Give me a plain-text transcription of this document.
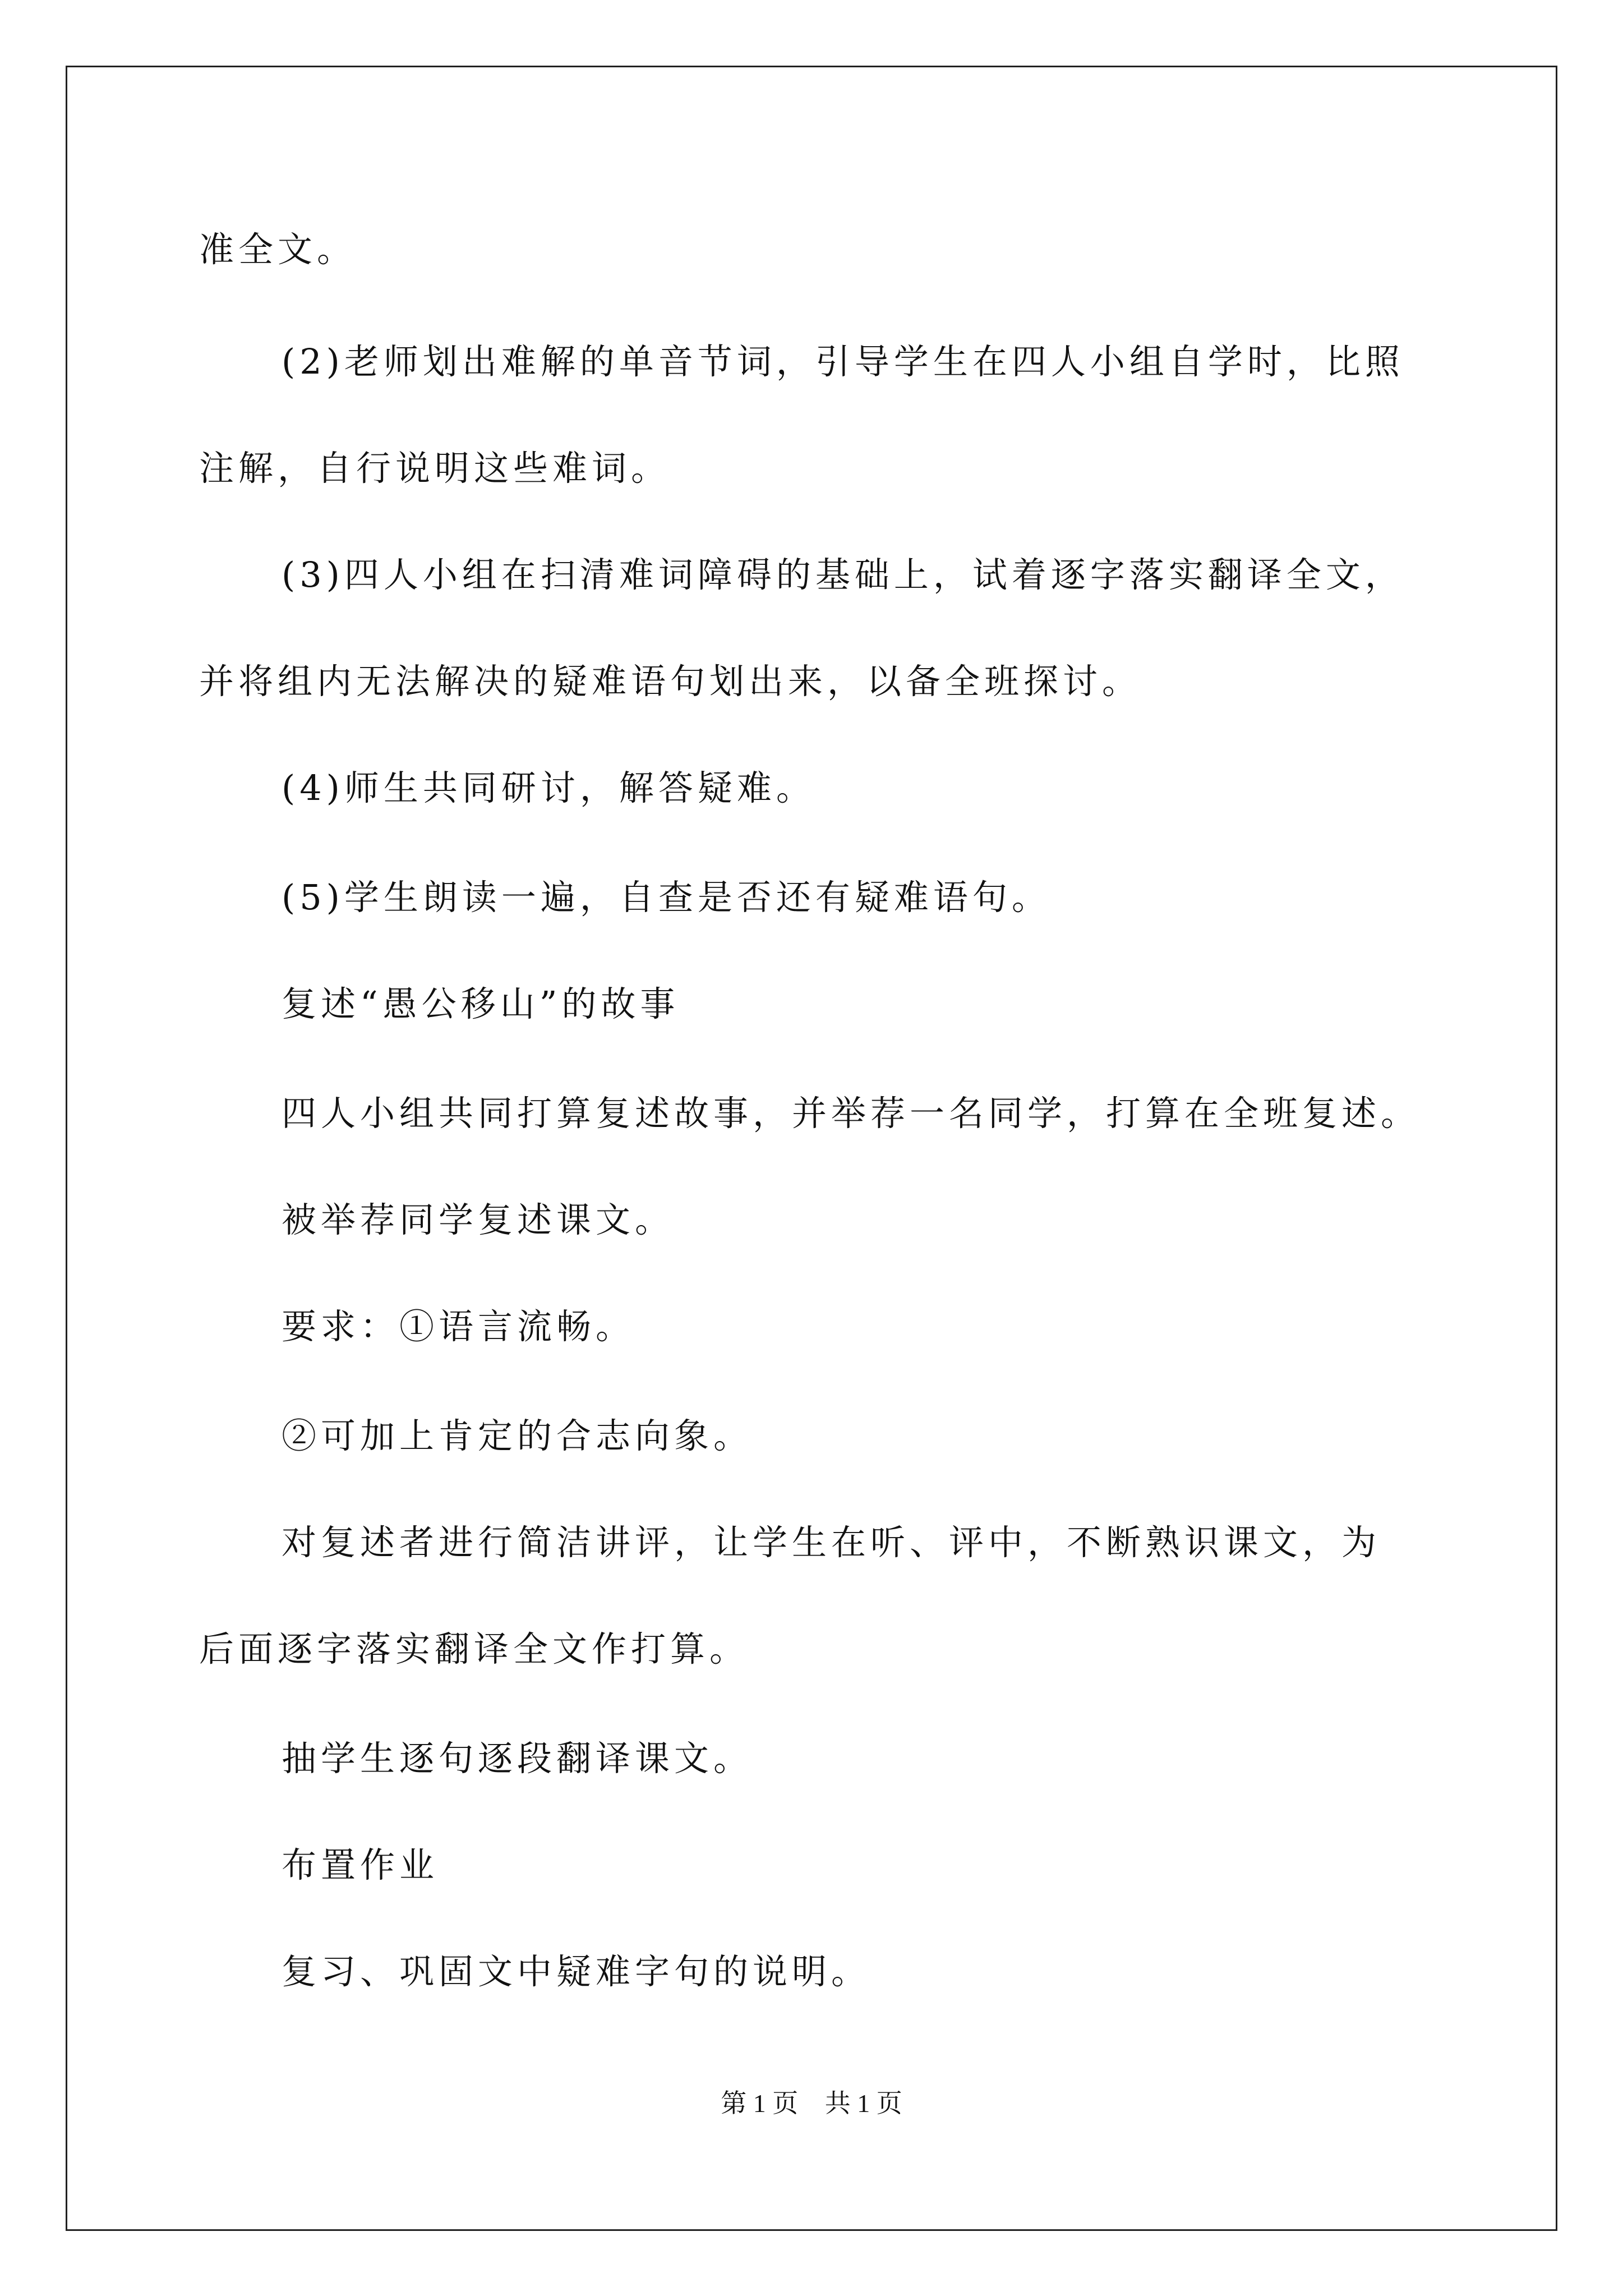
准全文。
(2)老师划出难解的单音节词，引导学生在四人小组自学时，比照
注解，自行说明这些难词。
(3)四人小组在扫清难词障碍的基础上，试着逐字落实翻译全文，
并将组内无法解决的疑难语句划出来，以备全班探讨。
(4)师生共同研讨，解答疑难。
(5)学生朗读一遍，自查是否还有疑难语句。
复述“愚公移山”的故事
四人小组共同打算复述故事，并举荐一名同学，打算在全班复述。
被举荐同学复述课文。
要求：①语言流畅。
②可加上肯定的合志向象。
对复述者进行简洁讲评，让学生在听、评中，不断熟识课文，为
后面逐字落实翻译全文作打算。
抽学生逐句逐段翻译课文。
布置作业
复习、巩固文中疑难字句的说明。
第 1 页 共 1 页
